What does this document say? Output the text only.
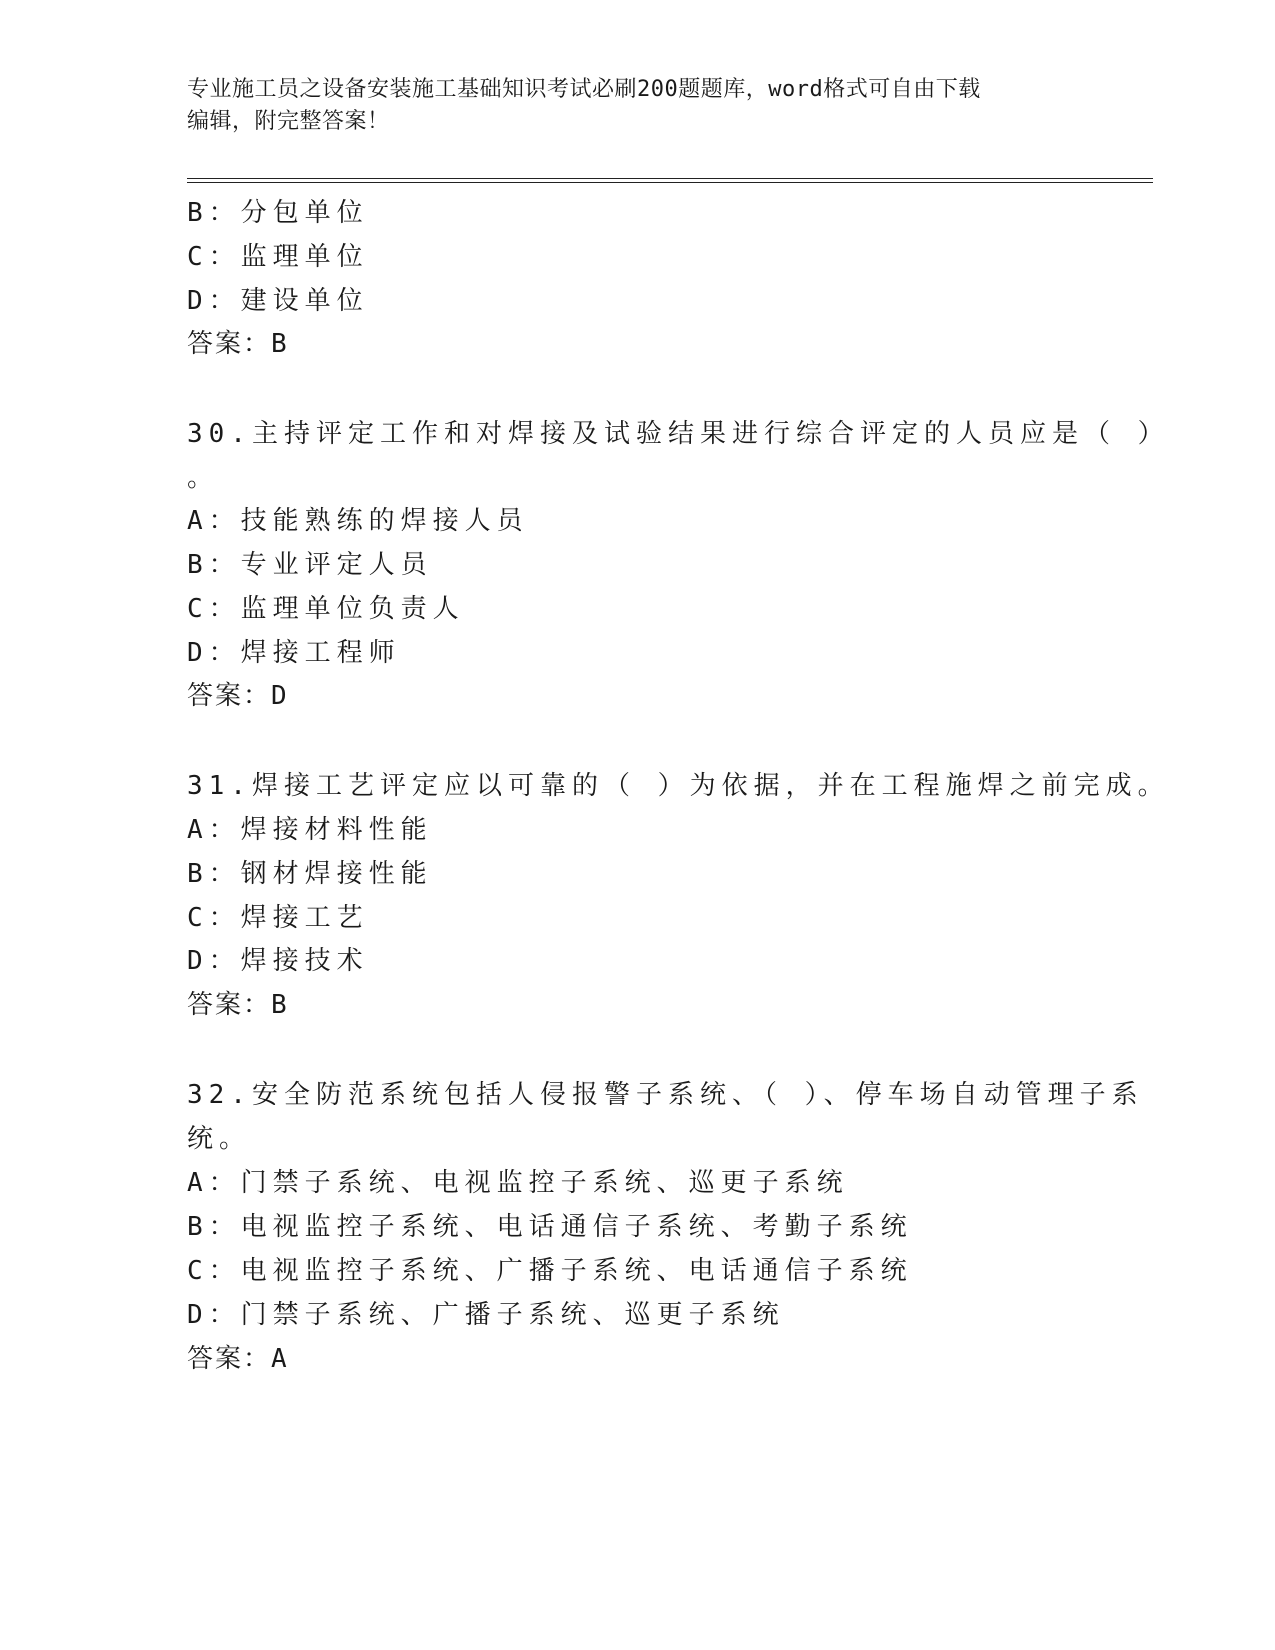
专业施工员之设备安装施工基础知识考试必刷200题题库，word格式可自由下载
编辑，附完整答案！
B：分包单位
C：监理单位
D：建设单位
答案：B
30.主持评定工作和对焊接及试验结果进行综合评定的人员应是（ ）
。
A：技能熟练的焊接人员
B：专业评定人员
C：监理单位负责人
D：焊接工程师
答案：D
31.焊接工艺评定应以可靠的（ ）为依据，并在工程施焊之前完成。
A：焊接材料性能
B：钢材焊接性能
C：焊接工艺
D：焊接技术
答案：B
32.安全防范系统包括人侵报警子系统、（ ）、停车场自动管理子系
统。
A：门禁子系统、电视监控子系统、巡更子系统
B：电视监控子系统、电话通信子系统、考勤子系统
C：电视监控子系统、广播子系统、电话通信子系统
D：门禁子系统、广播子系统、巡更子系统
答案：A
